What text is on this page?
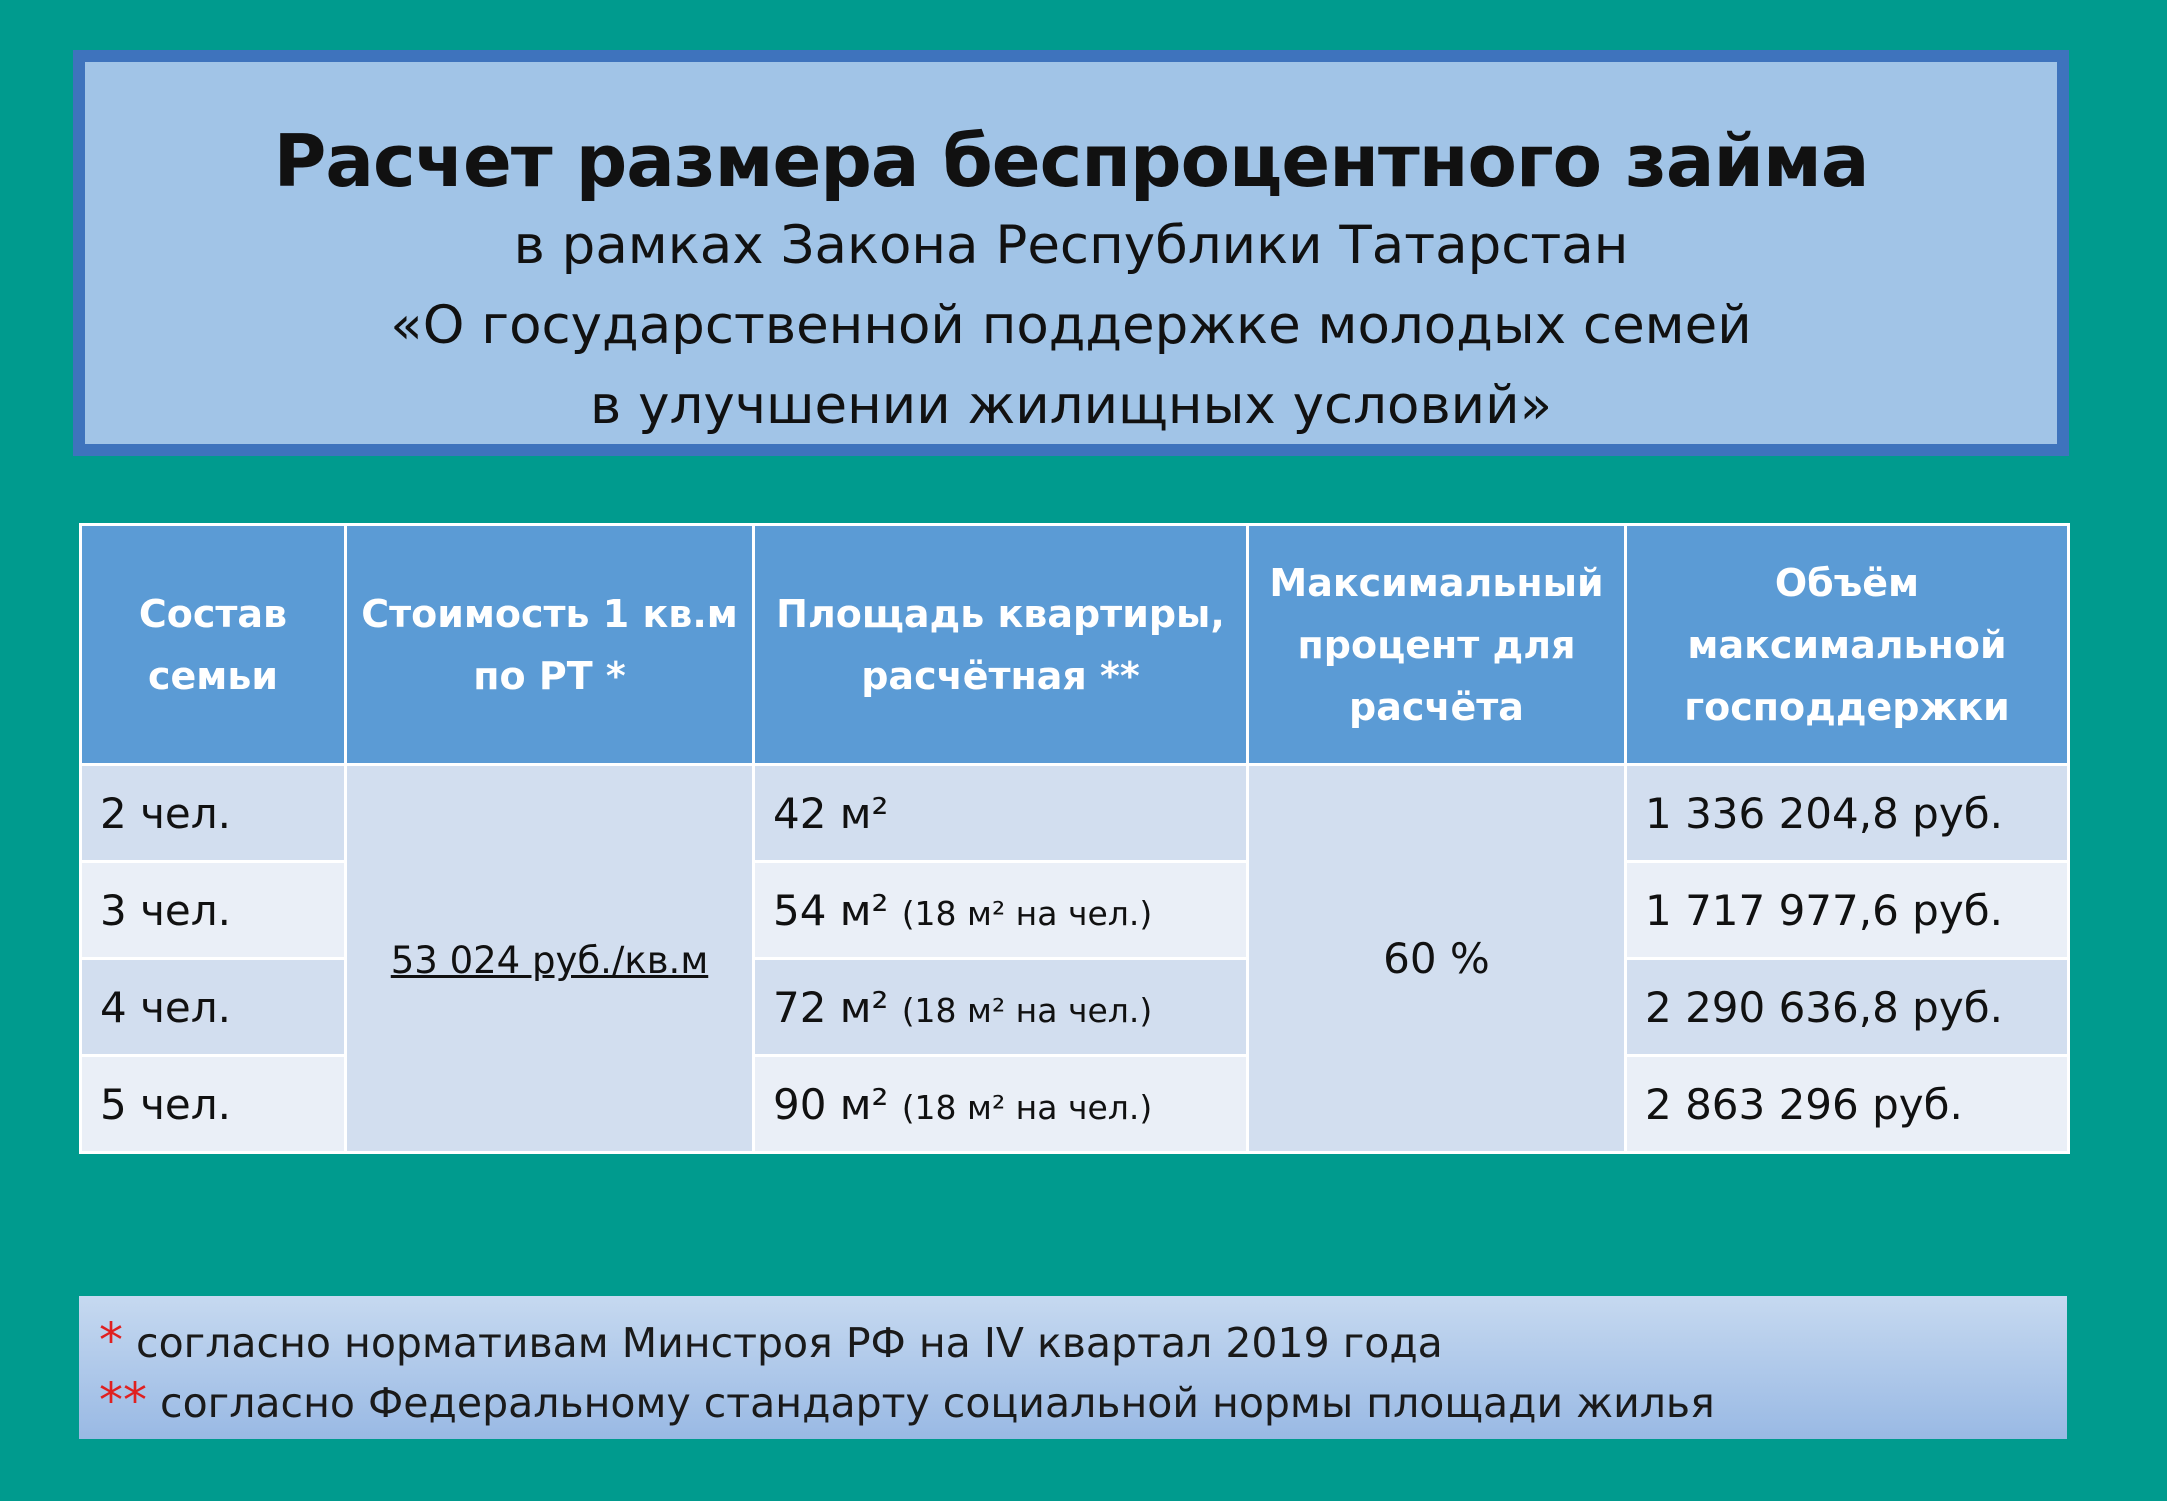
Расчет размера беспроцентного займа
в рамках Закона Республики Татарстан
«О государственной поддержке молодых семей
в улучшении жилищных условий»
Состав семьи	Стоимость 1 кв.м по РТ *	Площадь квартиры, расчётная **	Максимальный процент для расчёта	Объём максимальной господдержки
2 чел.	53 024 руб./кв.м	42 м²	60 %	1 336 204,8 руб.
3 чел.		54 м² (18 м² на чел.)		1 717 977,6 руб.
4 чел.		72 м² (18 м² на чел.)		2 290 636,8 руб.
5 чел.		90 м² (18 м² на чел.)		2 863 296 руб.
* согласно нормативам Минстроя РФ на IV квартал 2019 года
** согласно Федеральному стандарту социальной нормы площади жилья
